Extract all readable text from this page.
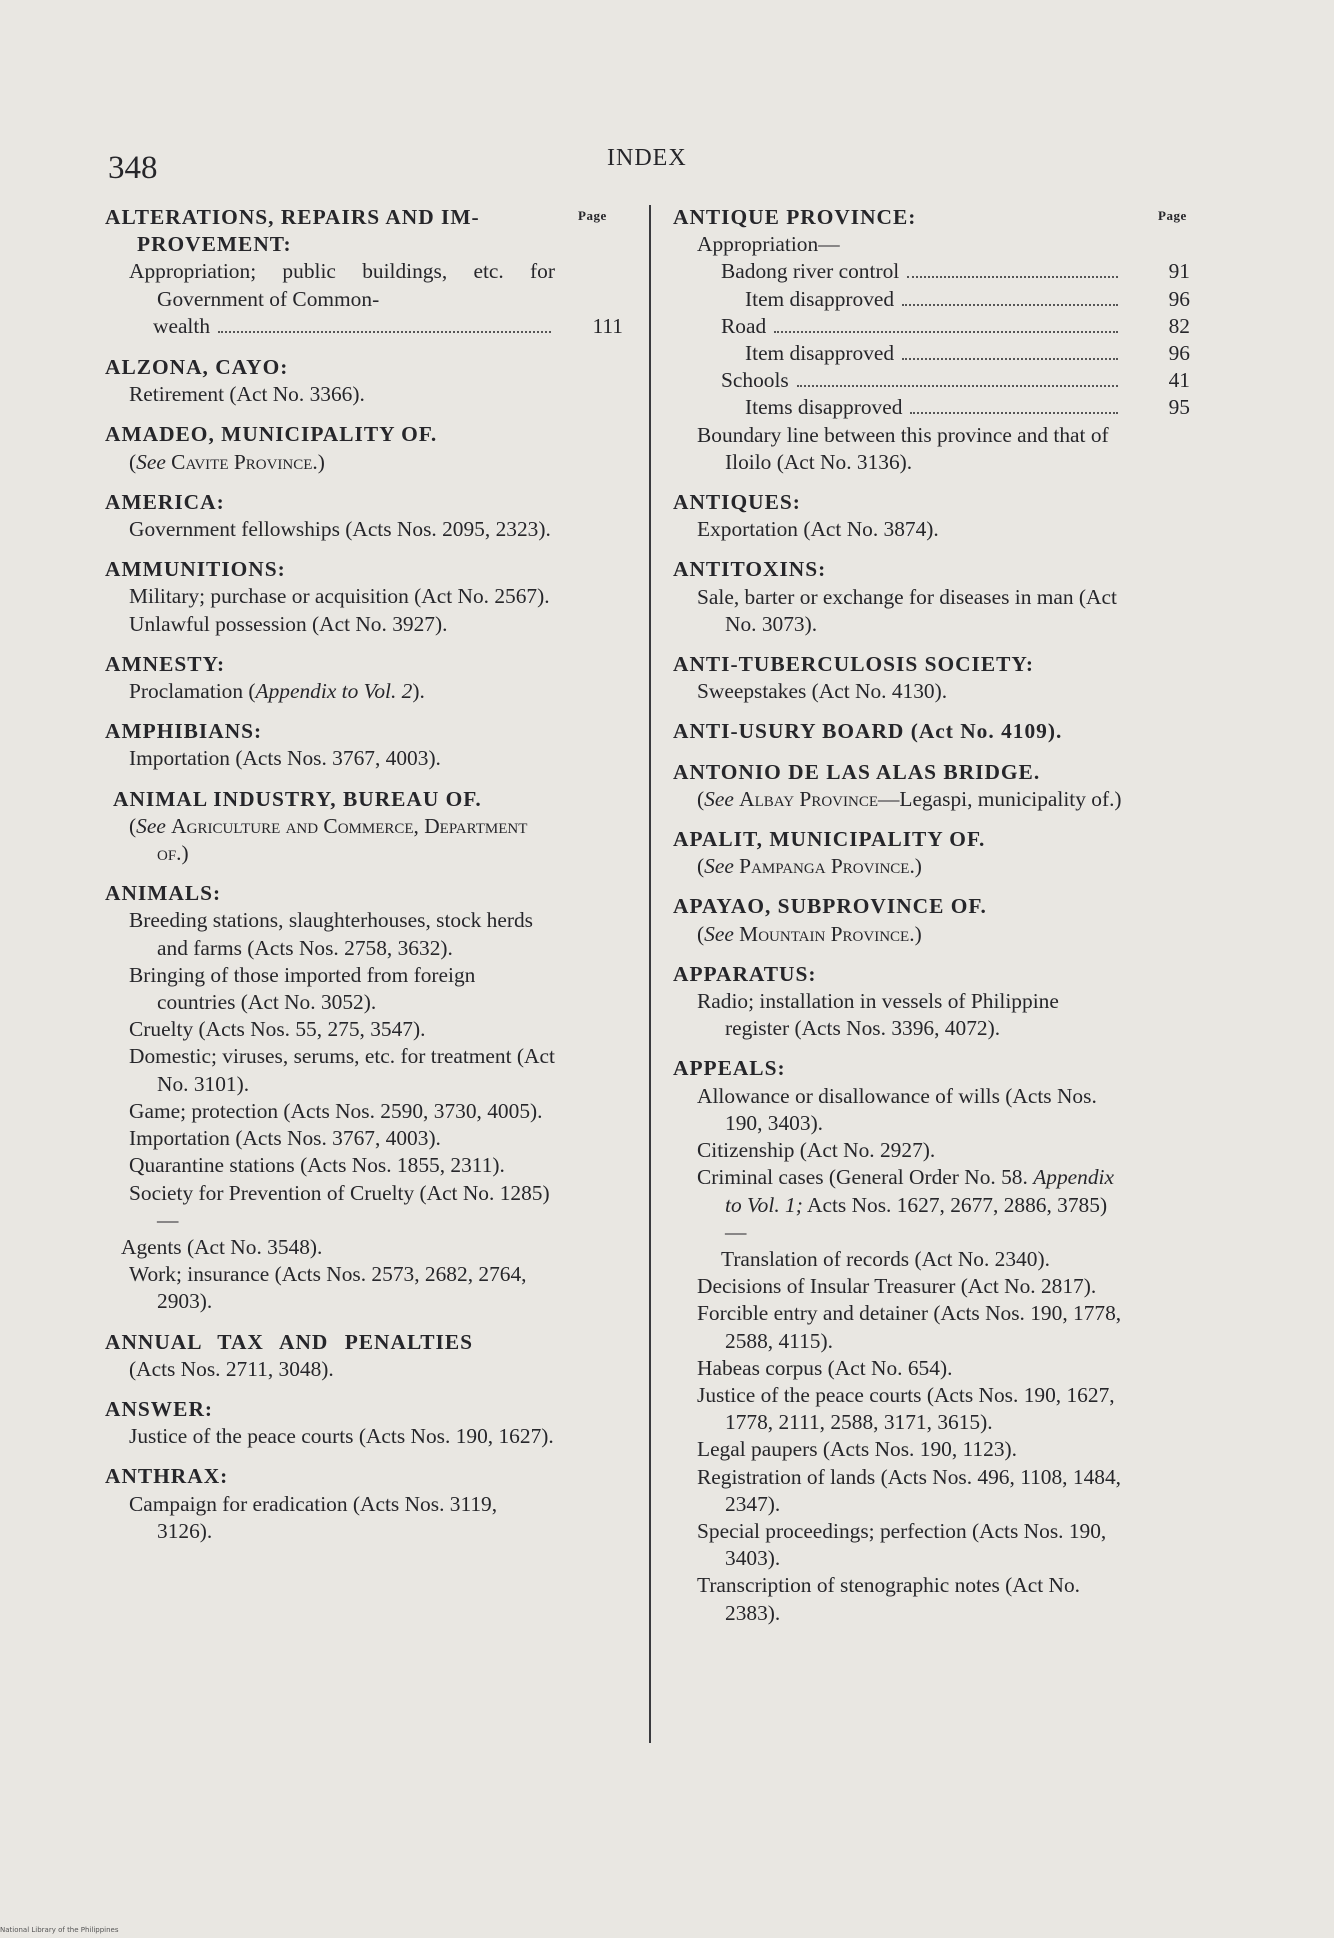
348	INDEX
Page	Page
ALTERATIONS, REPAIRS AND IM-PROVEMENT:
Appropriation; public buildings, etc. for Government of Common-
wealth	111
ALZONA, CAYO:
Retirement (Act No. 3366).
AMADEO, MUNICIPALITY OF.
(See Cavite Province.)
AMERICA:
Government fellowships (Acts Nos. 2095, 2323).
AMMUNITIONS:
Military; purchase or acquisition (Act No. 2567).
Unlawful possession (Act No. 3927).
AMNESTY:
Proclamation (Appendix to Vol. 2).
AMPHIBIANS:
Importation (Acts Nos. 3767, 4003).
ANIMAL INDUSTRY, BUREAU OF.
(See Agriculture and Commerce, Department of.)
ANIMALS:
Breeding stations, slaughterhouses, stock herds and farms (Acts Nos. 2758, 3632).
Bringing of those imported from foreign countries (Act No. 3052).
Cruelty (Acts Nos. 55, 275, 3547).
Domestic; viruses, serums, etc. for treatment (Act No. 3101).
Game; protection (Acts Nos. 2590, 3730, 4005).
Importation (Acts Nos. 3767, 4003).
Quarantine stations (Acts Nos. 1855, 2311).
Society for Prevention of Cruelty (Act No. 1285)—
Agents (Act No. 3548).
Work; insurance (Acts Nos. 2573, 2682, 2764, 2903).
ANNUAL TAX AND PENALTIES
(Acts Nos. 2711, 3048).
ANSWER:
Justice of the peace courts (Acts Nos. 190, 1627).
ANTHRAX:
Campaign for eradication (Acts Nos. 3119, 3126).
ANTIQUE PROVINCE:
Appropriation—
Badong river control	91
Item disapproved	96
Road	82
Item disapproved	96
Schools	41
Items disapproved	95
Boundary line between this province and that of Iloilo (Act No. 3136).
ANTIQUES:
Exportation (Act No. 3874).
ANTITOXINS:
Sale, barter or exchange for diseases in man (Act No. 3073).
ANTI-TUBERCULOSIS SOCIETY:
Sweepstakes (Act No. 4130).
ANTI-USURY BOARD (Act No. 4109).
ANTONIO DE LAS ALAS BRIDGE.
(See Albay Province—Legaspi, municipality of.)
APALIT, MUNICIPALITY OF.
(See Pampanga Province.)
APAYAO, SUBPROVINCE OF.
(See Mountain Province.)
APPARATUS:
Radio; installation in vessels of Philippine register (Acts Nos. 3396, 4072).
APPEALS:
Allowance or disallowance of wills (Acts Nos. 190, 3403).
Citizenship (Act No. 2927).
Criminal cases (General Order No. 58. Appendix to Vol. 1; Acts Nos. 1627, 2677, 2886, 3785)—
Translation of records (Act No. 2340).
Decisions of Insular Treasurer (Act No. 2817).
Forcible entry and detainer (Acts Nos. 190, 1778, 2588, 4115).
Habeas corpus (Act No. 654).
Justice of the peace courts (Acts Nos. 190, 1627, 1778, 2111, 2588, 3171, 3615).
Legal paupers (Acts Nos. 190, 1123).
Registration of lands (Acts Nos. 496, 1108, 1484, 2347).
Special proceedings; perfection (Acts Nos. 190, 3403).
Transcription of stenographic notes (Act No. 2383).
National Library of the Philippines
